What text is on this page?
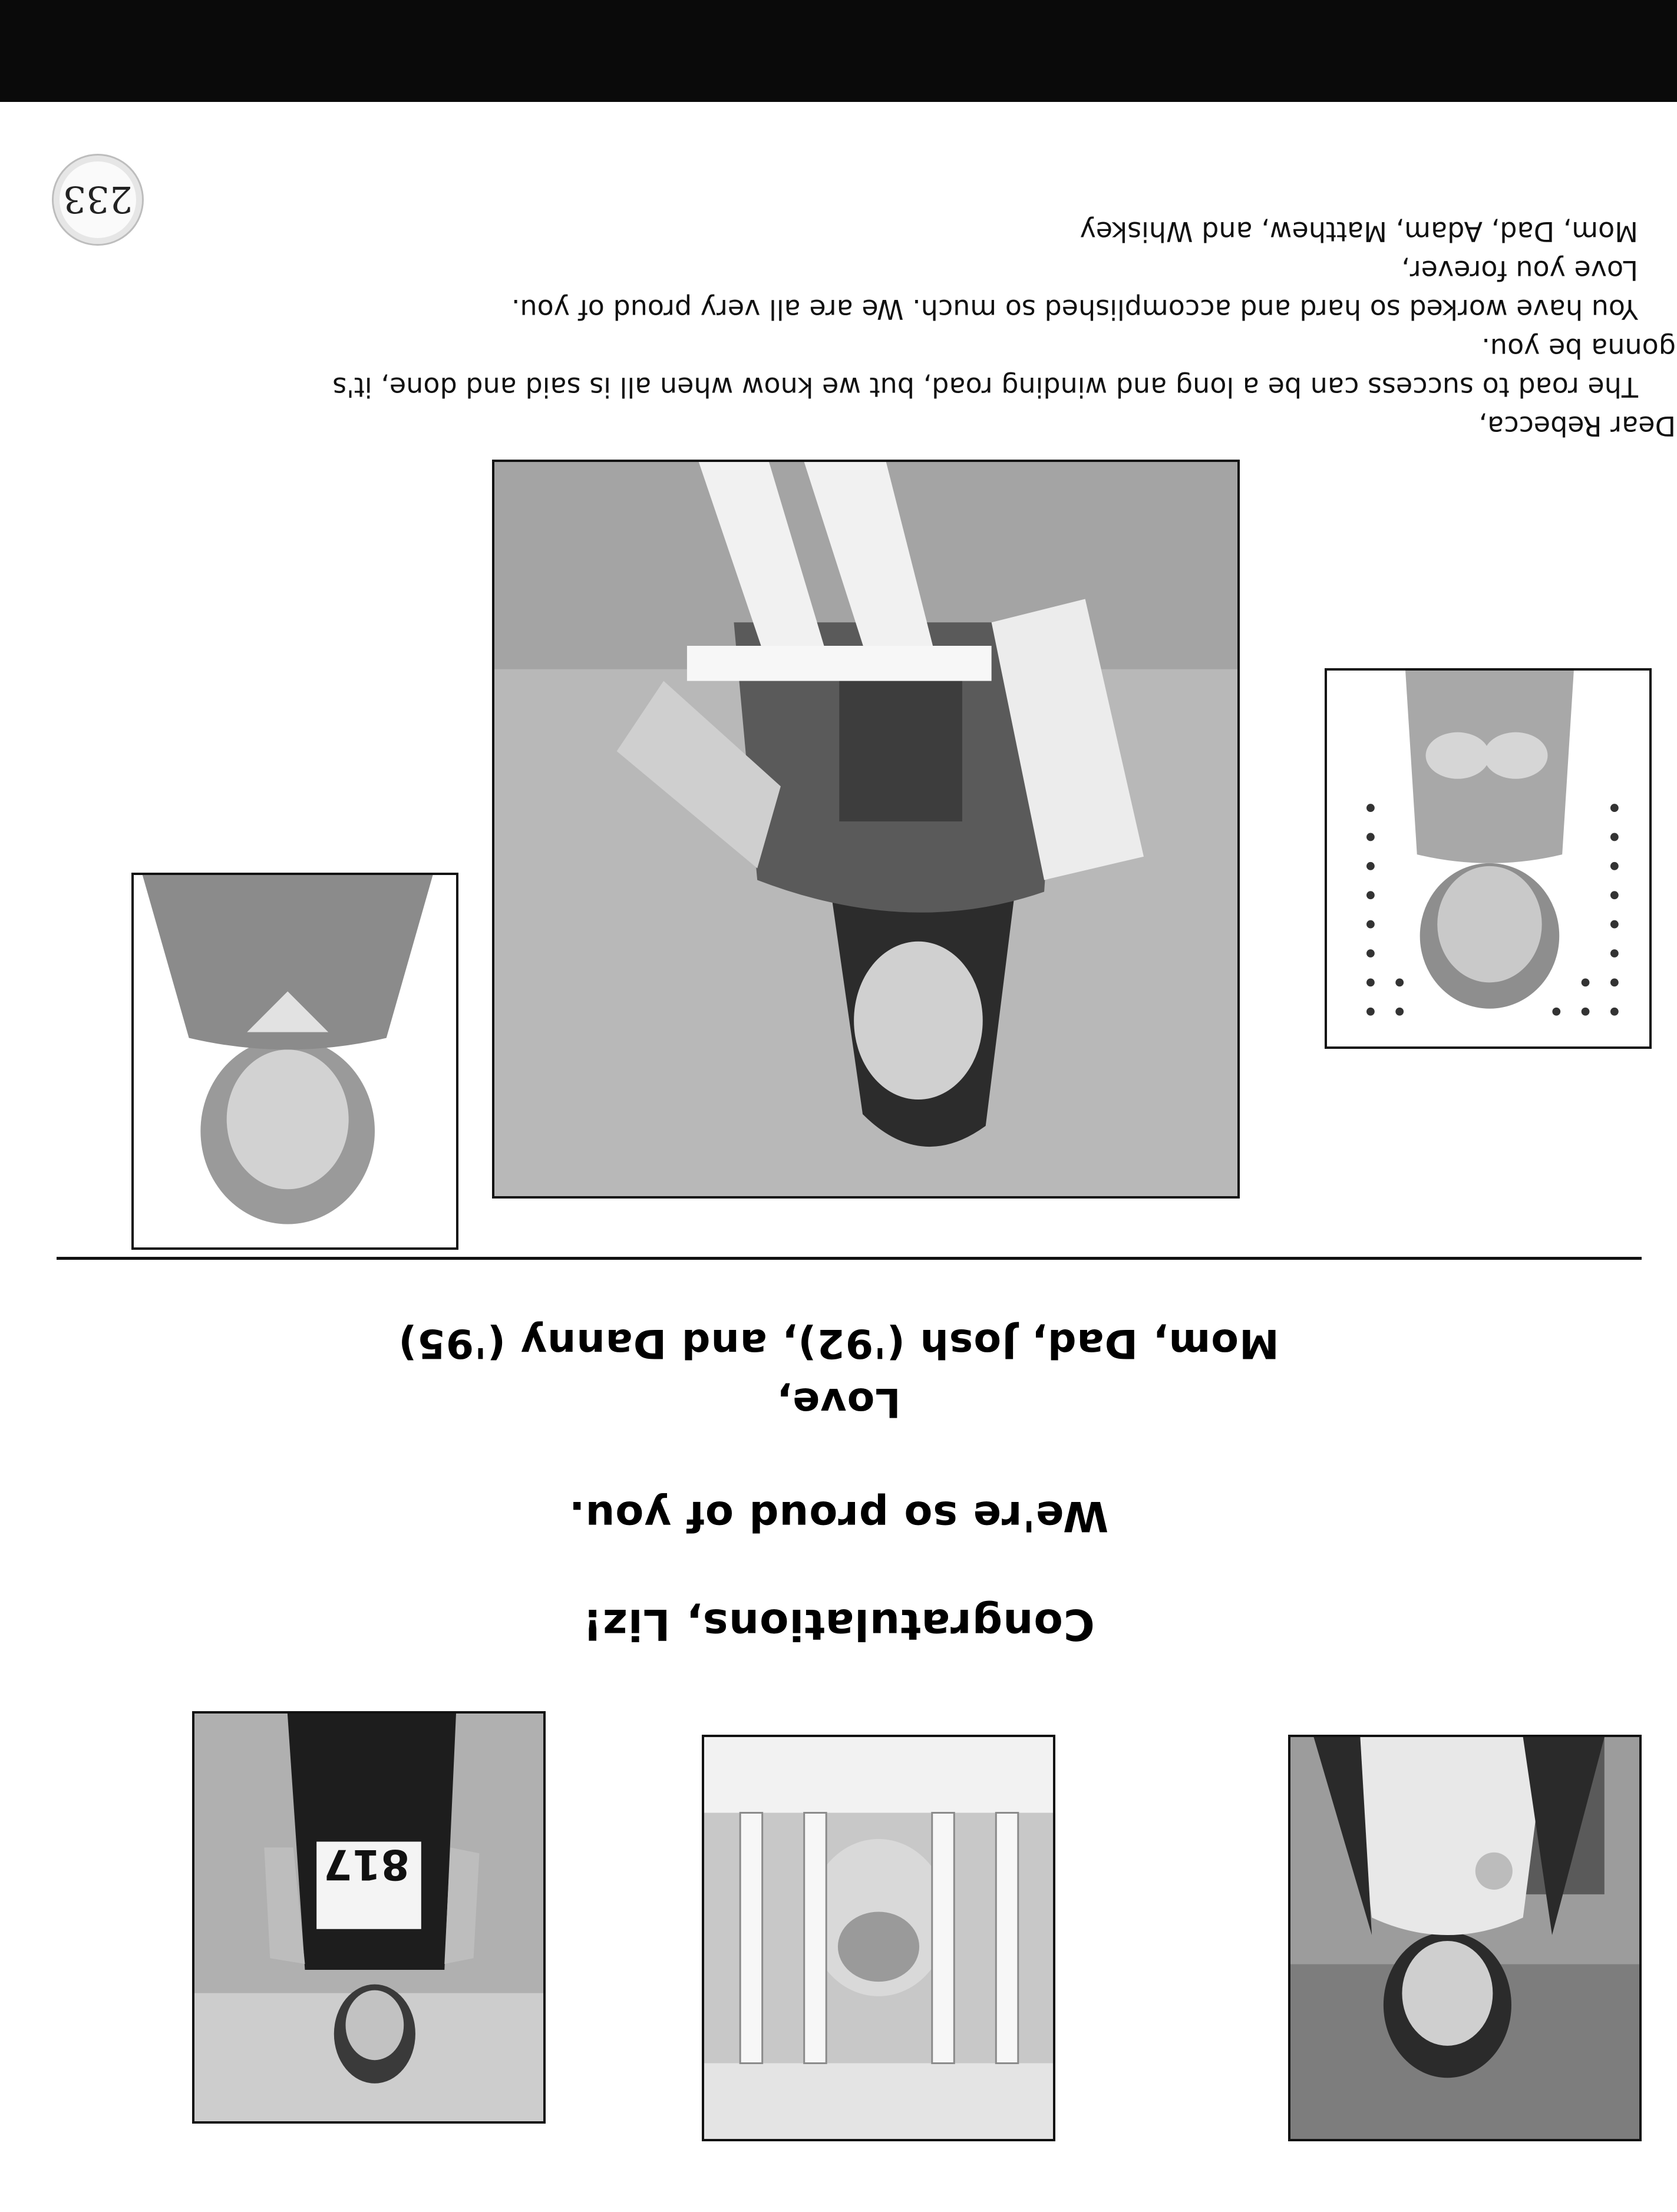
817
Congratulations, Liz!
We're so proud of you.
Love,
Mom, Dad, Josh ('92), and Danny ('95)

Dear Rebecca,

The road to success can be a long and winding road, but we know when all is said and done, it's

gonna be you.

You have worked so hard and accomplished so much. We are all very proud of you.

Love you forever,

Mom, Dad, Adam, Matthew, and Whiskey

233
